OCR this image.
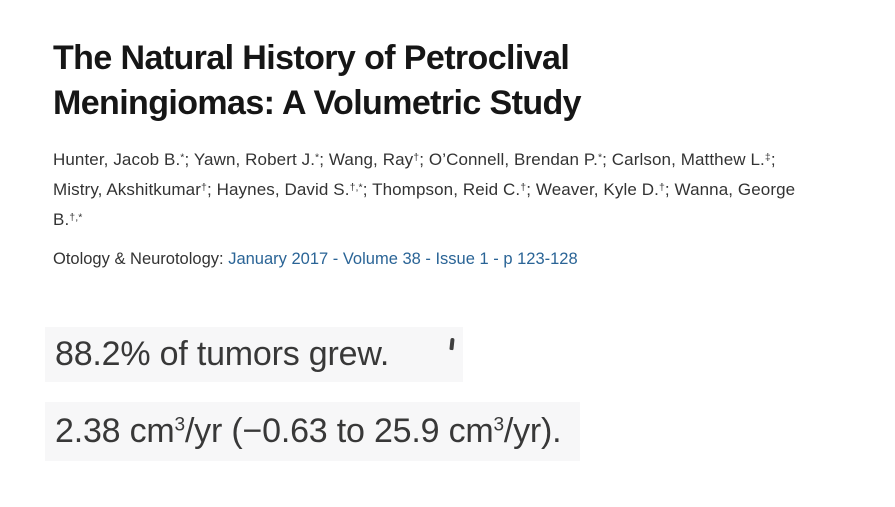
The Natural History of Petroclival
Meningiomas: A Volumetric Study
Hunter, Jacob B.*; Yawn, Robert J.*; Wang, Ray†; O’Connell, Brendan P.*; Carlson, Matthew L.‡;
Mistry, Akshitkumar†; Haynes, David S.†,*; Thompson, Reid C.†; Weaver, Kyle D.†; Wanna, George
B.†,*
Otology & Neurotology: January 2017 - Volume 38 - Issue 1 - p 123-128
88.2% of tumors grew.
2.38 $cm^3/yr$ (−0.63 to 25.9 $cm^3/yr$).
